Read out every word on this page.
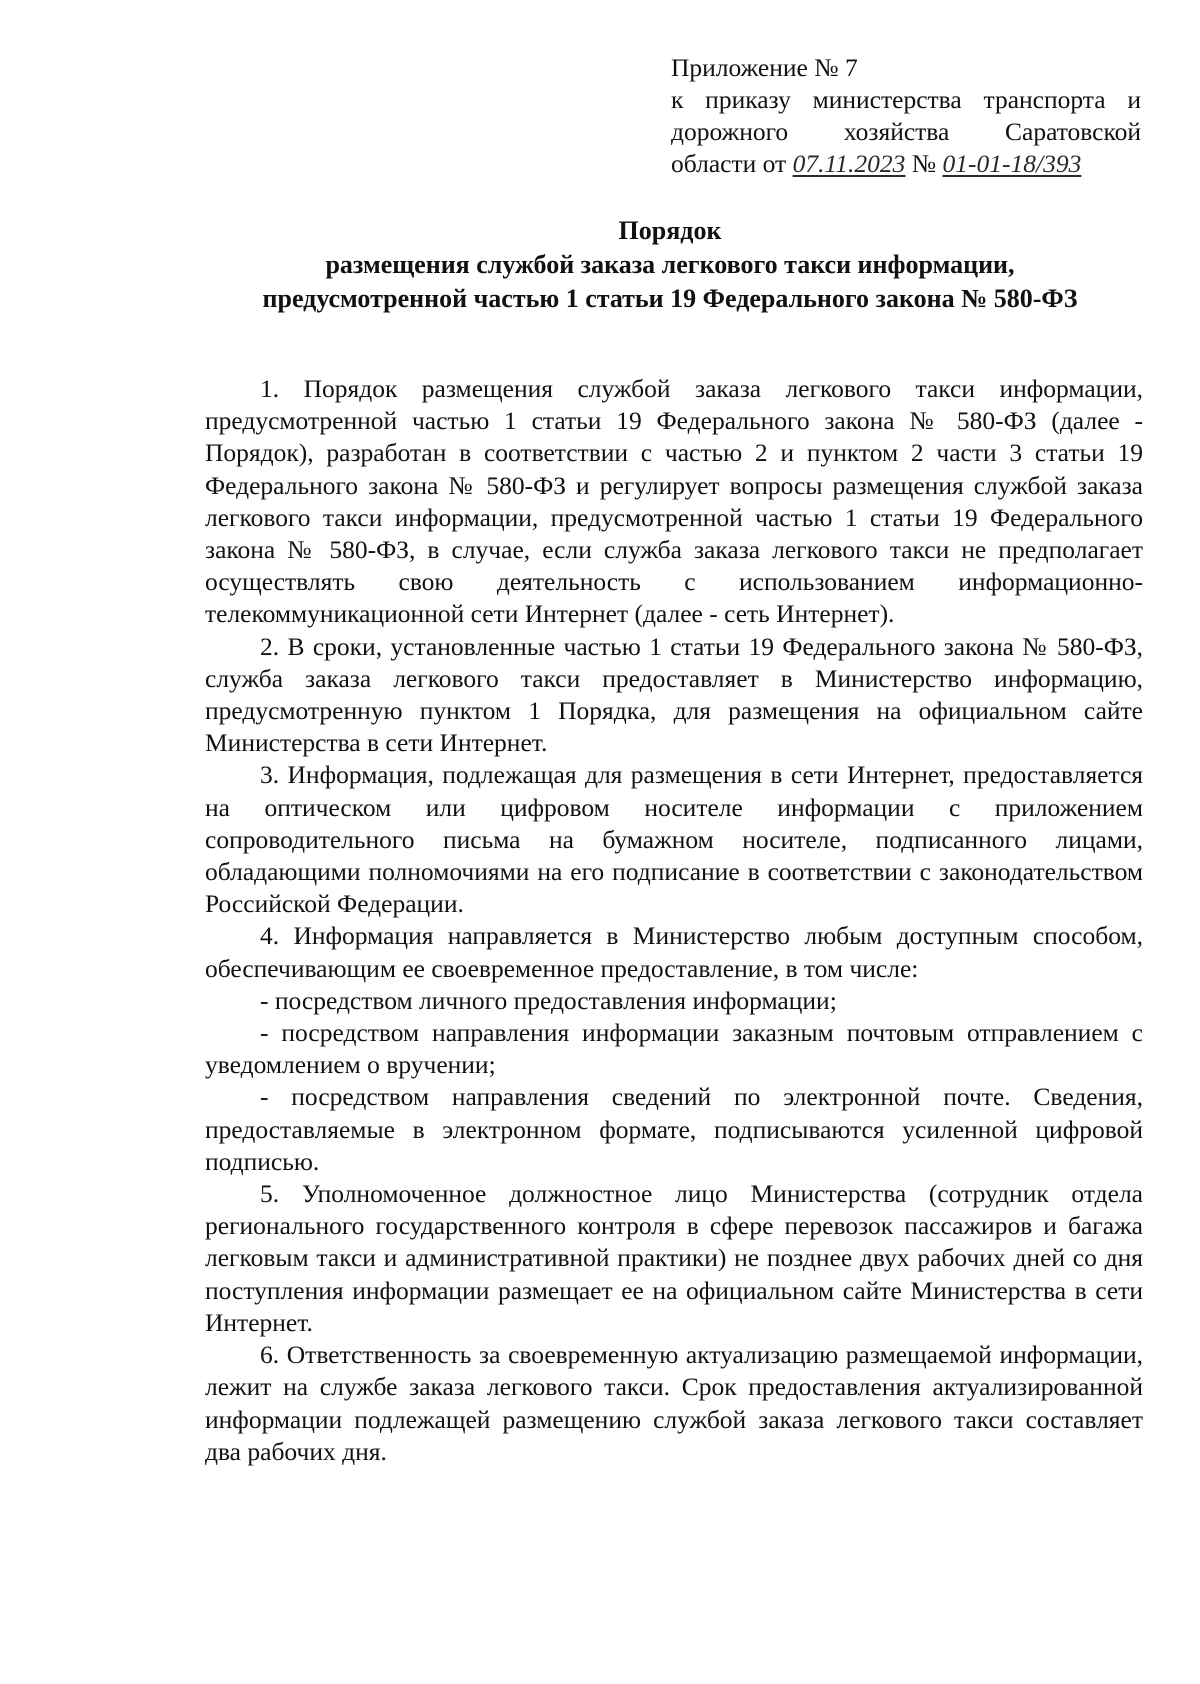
Приложение № 7
к приказу министерства транспорта и
дорожного хозяйства Саратовской
области от 07.11.2023 № 01-01-18/393
Порядок
размещения службой заказа легкового такси информации,
предусмотренной частью 1 статьи 19 Федерального закона № 580-ФЗ

1. Порядок размещения службой заказа легкового такси информации, предусмотренной частью 1 статьи 19 Федерального закона № 580-ФЗ (далее - Порядок), разработан в соответствии с частью 2 и пунктом 2 части 3 статьи 19 Федерального закона № 580-ФЗ и регулирует вопросы размещения службой заказа легкового такси информации, предусмотренной частью 1 статьи 19 Федерального закона № 580-ФЗ, в случае, если служба заказа легкового такси не предполагает осуществлять свою деятельность с использованием информационно-телекоммуникационной сети Интернет (далее - сеть Интернет).

2. В сроки, установленные частью 1 статьи 19 Федерального закона № 580-ФЗ, служба заказа легкового такси предоставляет в Министерство информацию, предусмотренную пунктом 1 Порядка, для размещения на официальном сайте Министерства в сети Интернет.

3. Информация, подлежащая для размещения в сети Интернет, предоставляется на оптическом или цифровом носителе информации с приложением сопроводительного письма на бумажном носителе, подписанного лицами, обладающими полномочиями на его подписание в соответствии с законодательством Российской Федерации.

4. Информация направляется в Министерство любым доступным способом, обеспечивающим ее своевременное предоставление, в том числе:

- посредством личного предоставления информации;

- посредством направления информации заказным почтовым отправлением с уведомлением о вручении;

- посредством направления сведений по электронной почте. Сведения, предоставляемые в электронном формате, подписываются усиленной цифровой подписью.

5. Уполномоченное должностное лицо Министерства (сотрудник отдела регионального государственного контроля в сфере перевозок пассажиров и багажа легковым такси и административной практики) не позднее двух рабочих дней со дня поступления информации размещает ее на официальном сайте Министерства в сети Интернет.

6. Ответственность за своевременную актуализацию размещаемой информации, лежит на службе заказа легкового такси. Срок предоставления актуализированной информации подлежащей размещению службой заказа легкового такси составляет два рабочих дня.
